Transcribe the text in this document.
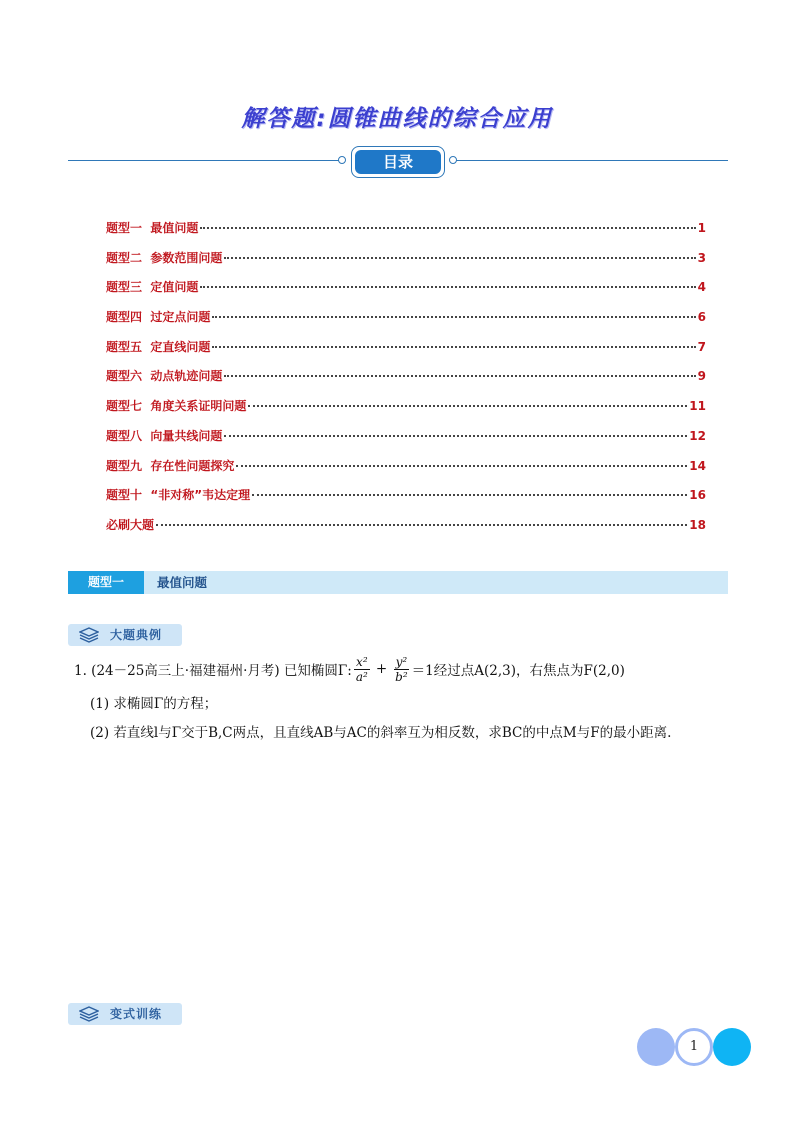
解答题:圆锥曲线的综合应用
目录
题型一  最值问题	1
题型二  参数范围问题	3
题型三  定值问题	4
题型四  过定点问题	6
题型五  定直线问题	7
题型六  动点轨迹问题	9
题型七  角度关系证明问题	11
题型八  向量共线问题	12
题型九  存在性问题探究	14
题型十  “非对称”韦达定理	16
必刷大题	18
题型一	最值问题
大题典例
1. (24－25高三上·福建福州·月考) 已知椭圆Γ: $\frac{\text{x²}}{\text{a²}} + \frac{\text{y²}}{\text{b²}} =1$经过点A(2,3)，右焦点为F(2,0)
(1) 求椭圆Γ的方程；
(2) 若直线l与Γ交于B,C两点，且直线AB与AC的斜率互为相反数，求BC的中点M与F的最小距离.
变式训练
1
